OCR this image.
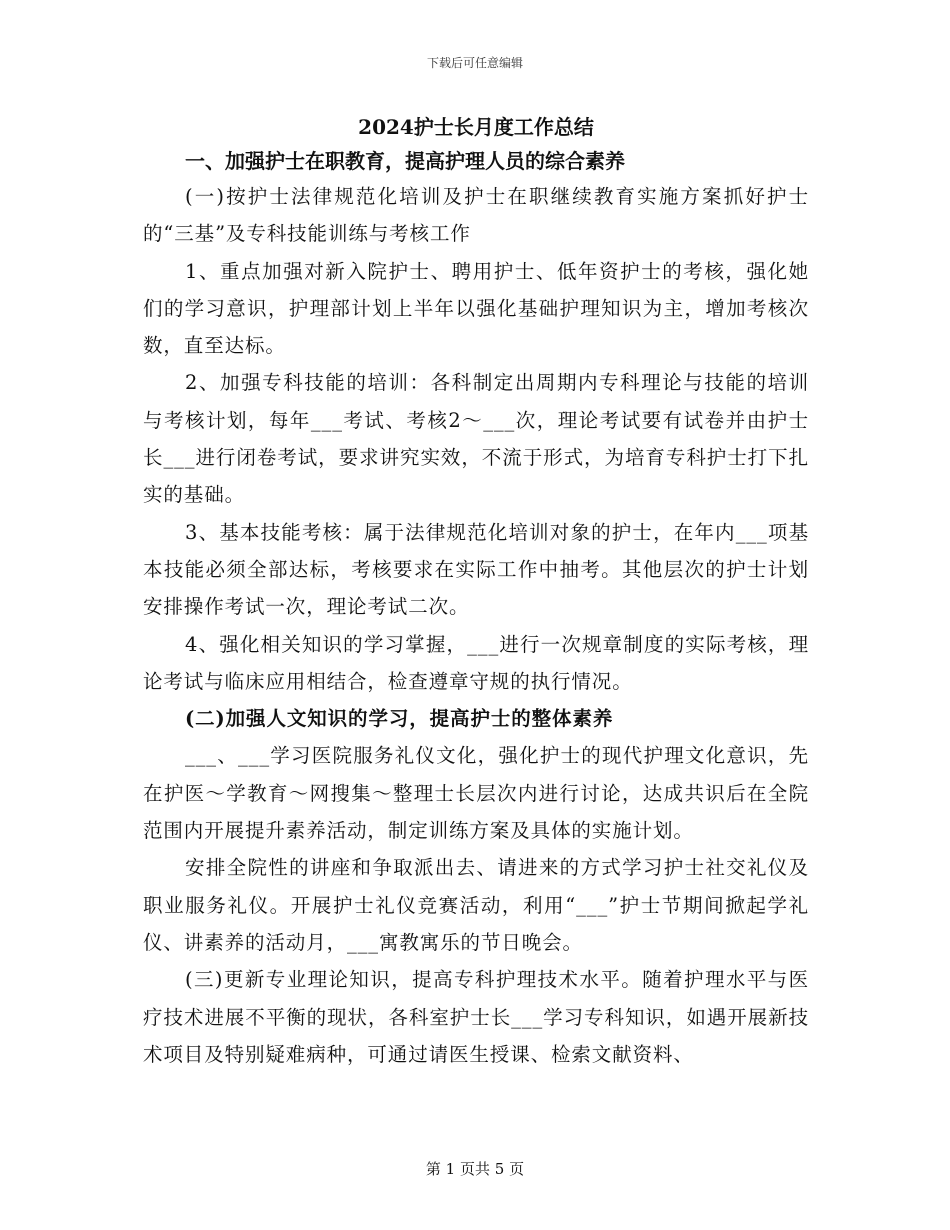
下载后可任意编辑
2024护士长月度工作总结
一、加强护士在职教育，提高护理人员的综合素养

(一)按护士法律规范化培训及护士在职继续教育实施方案抓好护士的“三基”及专科技能训练与考核工作

1、重点加强对新入院护士、聘用护士、低年资护士的考核，强化她们的学习意识，护理部计划上半年以强化基础护理知识为主，增加考核次数，直至达标。

2、加强专科技能的培训：各科制定出周期内专科理论与技能的培训与考核计划，每年___考试、考核2～___次，理论考试要有试卷并由护士长___进行闭卷考试，要求讲究实效，不流于形式，为培育专科护士打下扎实的基础。

3、基本技能考核：属于法律规范化培训对象的护士，在年内___项基本技能必须全部达标，考核要求在实际工作中抽考。其他层次的护士计划安排操作考试一次，理论考试二次。

4、强化相关知识的学习掌握，___进行一次规章制度的实际考核，理论考试与临床应用相结合，检查遵章守规的执行情况。

(二)加强人文知识的学习，提高护士的整体素养

___、___学习医院服务礼仪文化，强化护士的现代护理文化意识，先在护医～学教育～网搜集～整理士长层次内进行讨论，达成共识后在全院范围内开展提升素养活动，制定训练方案及具体的实施计划。

安排全院性的讲座和争取派出去、请进来的方式学习护士社交礼仪及职业服务礼仪。开展护士礼仪竞赛活动，利用“___”护士节期间掀起学礼仪、讲素养的活动月，___寓教寓乐的节日晚会。

(三)更新专业理论知识，提高专科护理技术水平。随着护理水平与医疗技术进展不平衡的现状，各科室护士长___学习专科知识，如遇开展新技术项目及特别疑难病种，可通过请医生授课、检索文献资料、

第 1 页共 5 页
